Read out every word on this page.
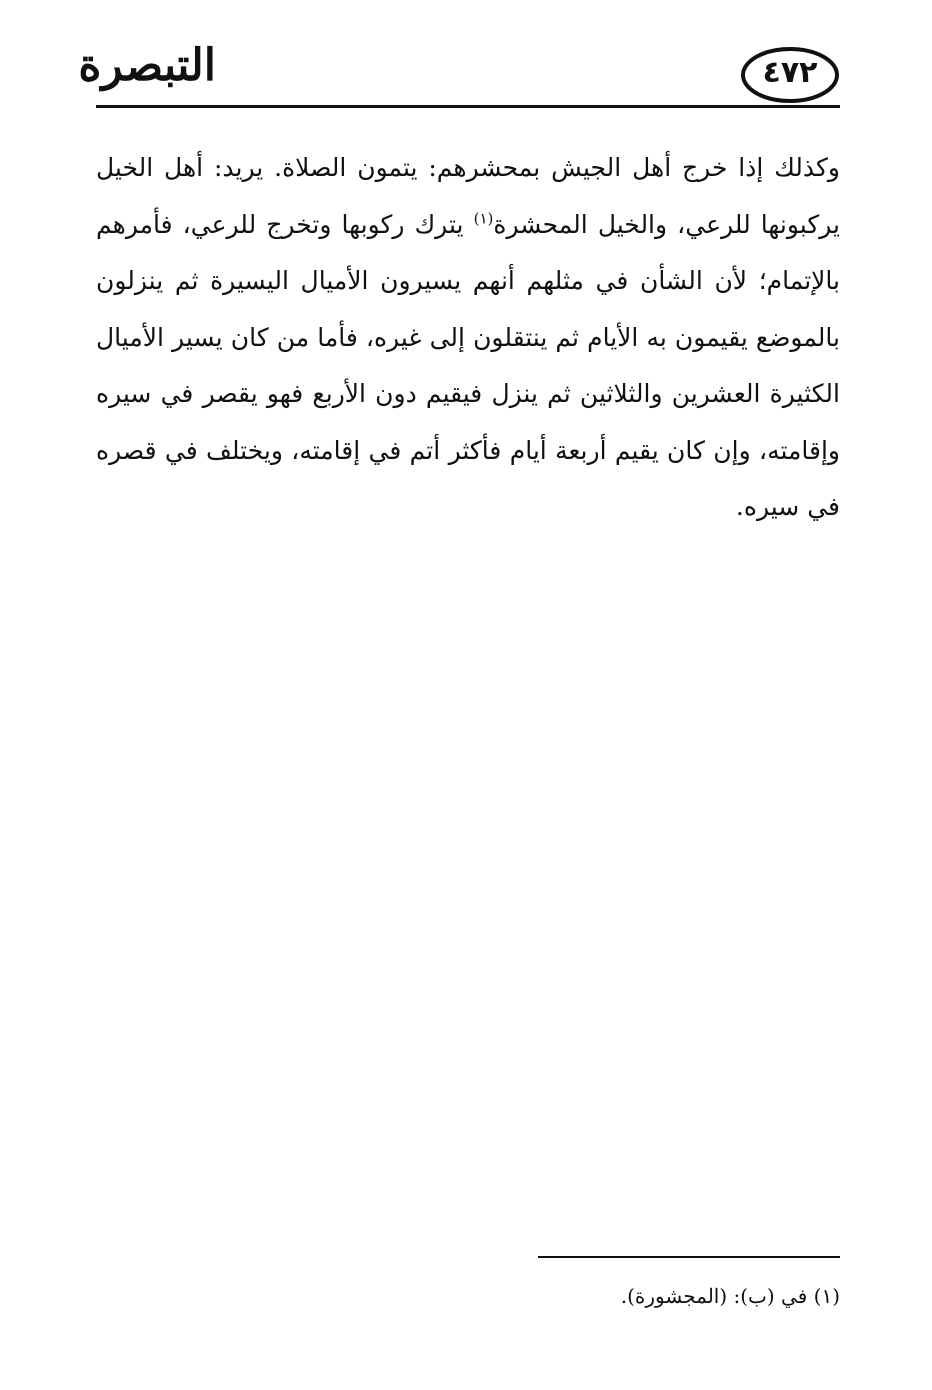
التبصرة	٤٧٢

وكذلك إذا خرج أهل الجيش بمحشرهم: يتمون الصلاة. يريد: أهل الخيل يركبونها للرعي، والخيل المحشرة$^{(١)}$ يترك ركوبها وتخرج للرعي، فأمرهم بالإتمام؛ لأن الشأن في مثلهم أنهم يسيرون الأميال اليسيرة ثم ينزلون بالموضع يقيمون به الأيام ثم ينتقلون إلى غيره، فأما من كان يسير الأميال الكثيرة العشرين والثلاثين ثم ينزل فيقيم دون الأربع فهو يقصر في سيره وإقامته، وإن كان يقيم أربعة أيام فأكثر أتم في إقامته، ويختلف في قصره في سيره.

(١) في (ب): (المجشورة).
